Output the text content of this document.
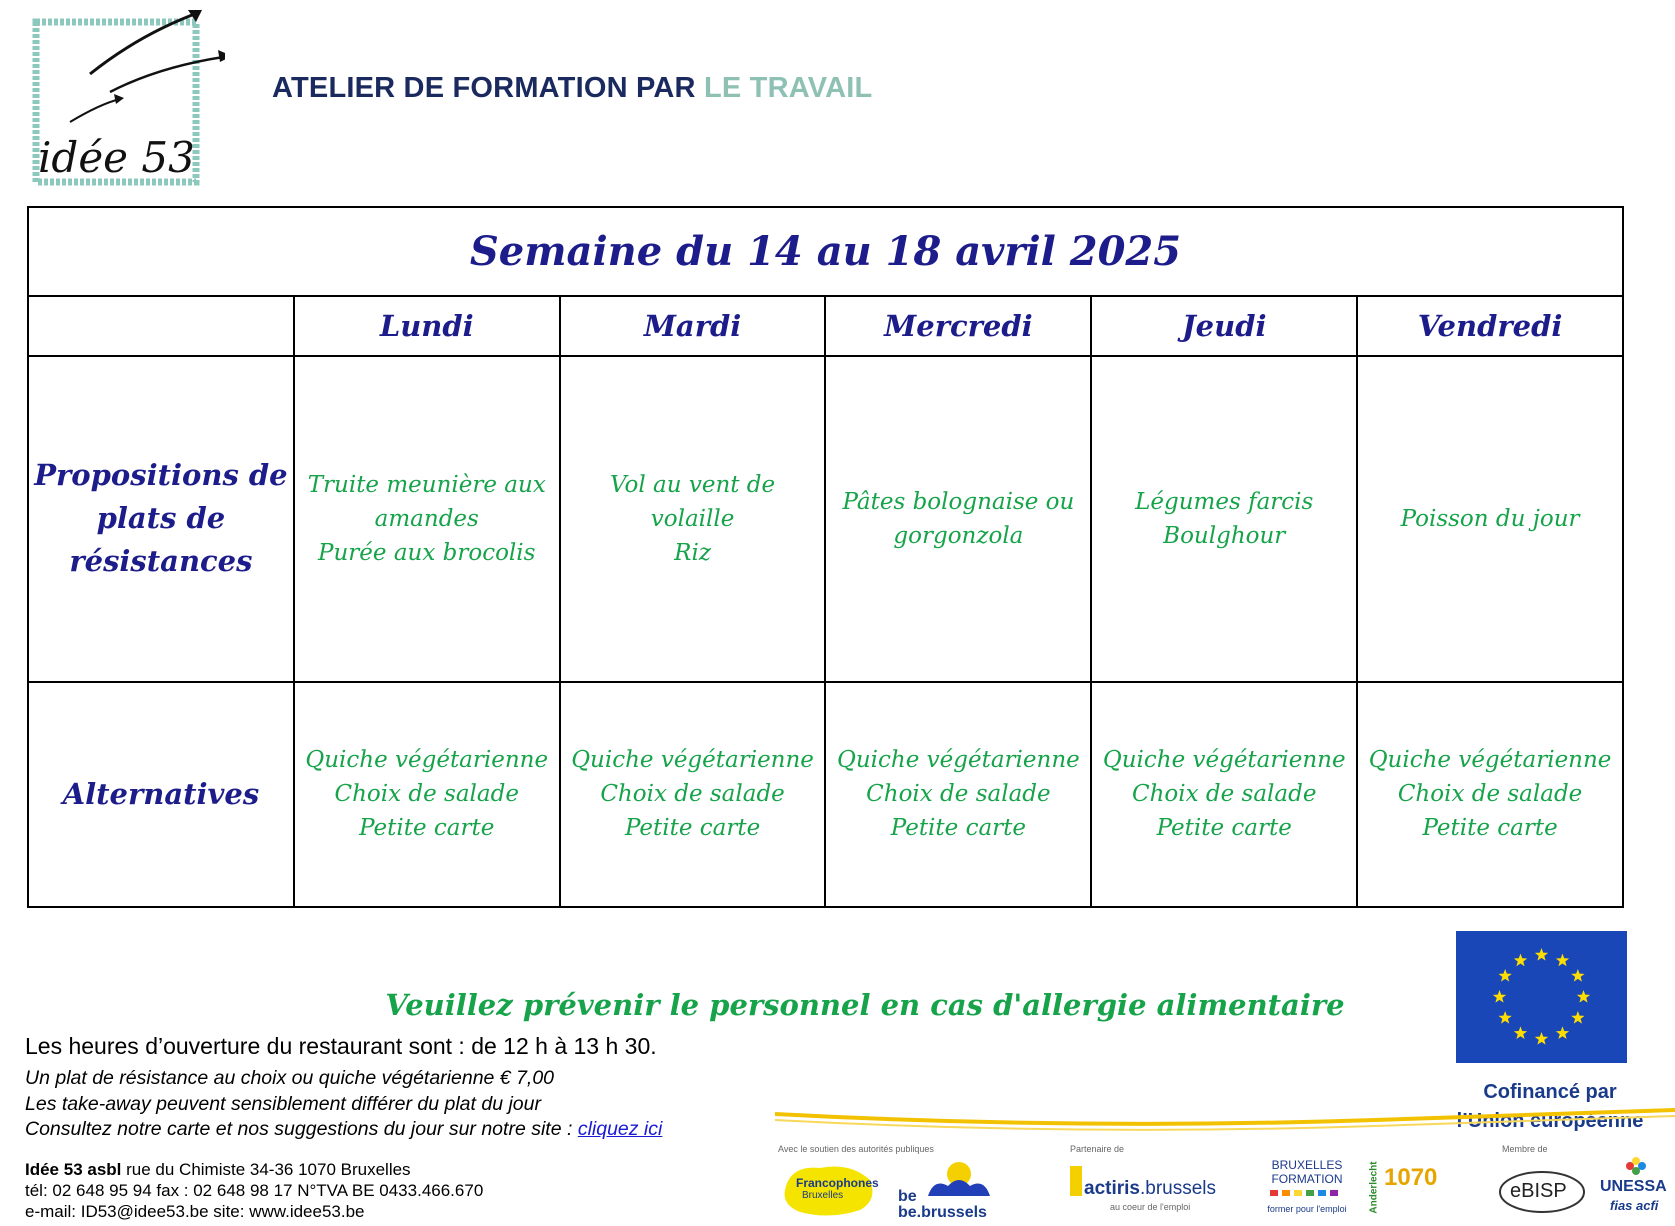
idée 53
ATELIER DE FORMATION PAR LE TRAVAIL
Semaine du 14 au 18 avril 2025					
	Lundi	Mardi	Mercredi	Jeudi	Vendredi

Propositions de
plats de
résistances	Truite meunière aux
amandes
Purée aux brocolis	Vol au vent de volaille
Riz	Pâtes bolognaise ou
gorgonzola	Légumes farcis
Boulghour	Poisson du jour

Alternatives	Quiche végétarienne
Choix de salade
Petite carte	Quiche végétarienne
Choix de salade
Petite carte	Quiche végétarienne
Choix de salade
Petite carte	Quiche végétarienne
Choix de salade
Petite carte	Quiche végétarienne
Choix de salade
Petite carte
Cofinancé par
l’Union européenne
Veuillez prévenir le personnel en cas d'allergie alimentaire
Les heures d’ouverture du restaurant sont : de 12 h à 13 h 30.
Un plat de résistance au choix ou quiche végétarienne € 7,00
Les take-away peuvent sensiblement différer du plat du jour
Consultez notre carte et nos suggestions du jour sur notre site : cliquez ici
Idée 53 asbl rue du Chimiste 34-36 1070 Bruxelles
tél: 02 648 95 94 fax : 02 648 98 17 N°TVA BE 0433.466.670
e-mail: ID53@idee53.be site: www.idee53.be
Avec le soutien des autorités publiques	Partenaire de	Membre de
Francophones
Bruxelles	be
be.brussels
actiris.brussels
au coeur de l'emploi
BRUXELLES
FORMATION
former pour l'emploi	Anderlecht 1070	eBISP UNESSA
fias acfi
